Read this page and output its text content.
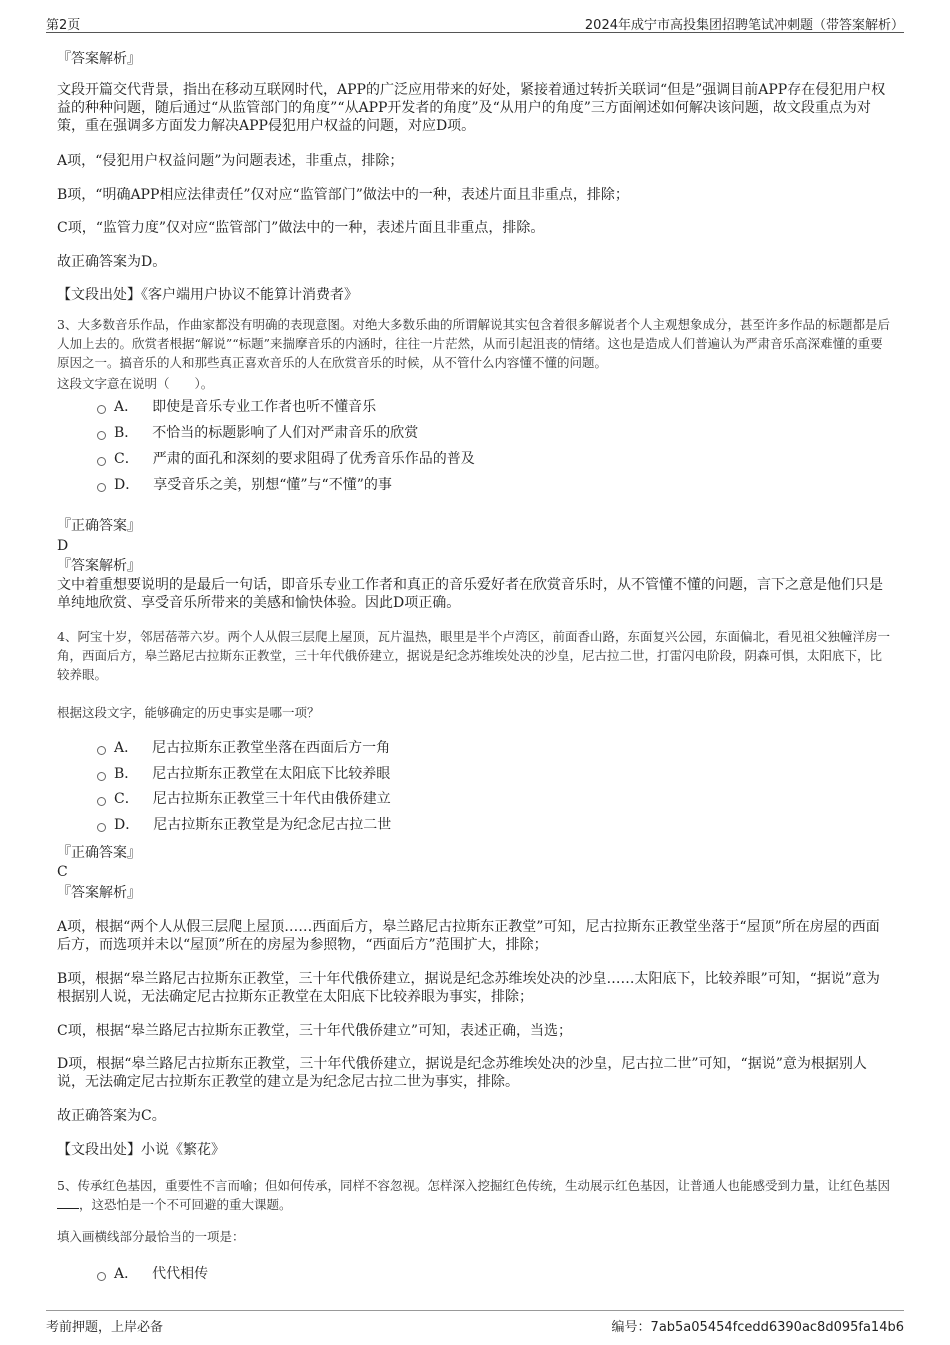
第2页	2024年成宁市高投集团招聘笔试冲刺题（带答案解析）
『答案解析』
文段开篇交代背景，指出在移动互联网时代，APP的广泛应用带来的好处，紧接着通过转折关联词“但是”强调目前APP存在侵犯用户权益的种种问题，随后通过“从监管部门的角度”“从APP开发者的角度”及“从用户的角度”三方面阐述如何解决该问题，故文段重点为对策，重在强调多方面发力解决APP侵犯用户权益的问题，对应D项。
A项，“侵犯用户权益问题”为问题表述，非重点，排除；
B项，“明确APP相应法律责任”仅对应“监管部门”做法中的一种，表述片面且非重点，排除；
C项，“监管力度”仅对应“监管部门”做法中的一种，表述片面且非重点，排除。
故正确答案为D。
【文段出处】《客户端用户协议不能算计消费者》
3、大多数音乐作品，作曲家都没有明确的表现意图。对绝大多数乐曲的所谓解说其实包含着很多解说者个人主观想象成分，甚至许多作品的标题都是后人加上去的。欣赏者根据“解说”“标题”来揣摩音乐的内涵时，往往一片茫然，从而引起沮丧的情绪。这也是造成人们普遍认为严肃音乐高深难懂的重要原因之一。搞音乐的人和那些真正喜欢音乐的人在欣赏音乐的时候，从不管什么内容懂不懂的问题。
这段文字意在说明（　　）。
A． 即使是音乐专业工作者也听不懂音乐
B． 不恰当的标题影响了人们对严肃音乐的欣赏
C． 严肃的面孔和深刻的要求阻碍了优秀音乐作品的普及
D． 享受音乐之美，别想“懂”与“不懂”的事
『正确答案』
D
『答案解析』
文中着重想要说明的是最后一句话，即音乐专业工作者和真正的音乐爱好者在欣赏音乐时，从不管懂不懂的问题，言下之意是他们只是单纯地欣赏、享受音乐所带来的美感和愉快体验。因此D项正确。
4、阿宝十岁，邻居蓓蒂六岁。两个人从假三层爬上屋顶，瓦片温热，眼里是半个卢湾区，前面香山路，东面复兴公园，东面偏北，看见祖父独幢洋房一角，西面后方，皋兰路尼古拉斯东正教堂，三十年代俄侨建立，据说是纪念苏维埃处决的沙皇，尼古拉二世，打雷闪电阶段，阴森可惧，太阳底下，比较养眼。
根据这段文字，能够确定的历史事实是哪一项？
A． 尼古拉斯东正教堂坐落在西面后方一角
B． 尼古拉斯东正教堂在太阳底下比较养眼
C． 尼古拉斯东正教堂三十年代由俄侨建立
D． 尼古拉斯东正教堂是为纪念尼古拉二世
『正确答案』
C
『答案解析』
A项，根据“两个人从假三层爬上屋顶……西面后方，皋兰路尼古拉斯东正教堂”可知，尼古拉斯东正教堂坐落于“屋顶”所在房屋的西面后方，而选项并未以“屋顶”所在的房屋为参照物，“西面后方”范围扩大，排除；
B项，根据“皋兰路尼古拉斯东正教堂，三十年代俄侨建立，据说是纪念苏维埃处决的沙皇……太阳底下，比较养眼”可知，“据说”意为根据别人说，无法确定尼古拉斯东正教堂在太阳底下比较养眼为事实，排除；
C项，根据“皋兰路尼古拉斯东正教堂，三十年代俄侨建立”可知，表述正确，当选；
D项，根据“皋兰路尼古拉斯东正教堂，三十年代俄侨建立，据说是纪念苏维埃处决的沙皇，尼古拉二世”可知，“据说”意为根据别人说，无法确定尼古拉斯东正教堂的建立是为纪念尼古拉二世为事实，排除。
故正确答案为C。
【文段出处】小说《繁花》
5、传承红色基因，重要性不言而喻；但如何传承，同样不容忽视。怎样深入挖掘红色传统，生动展示红色基因，让普通人也能感受到力量，让红色基因，这恐怕是一个不可回避的重大课题。
填入画横线部分最恰当的一项是：
A． 代代相传
考前押题，上岸必备	编号：7ab5a05454fcedd6390ac8d095fa14b6
